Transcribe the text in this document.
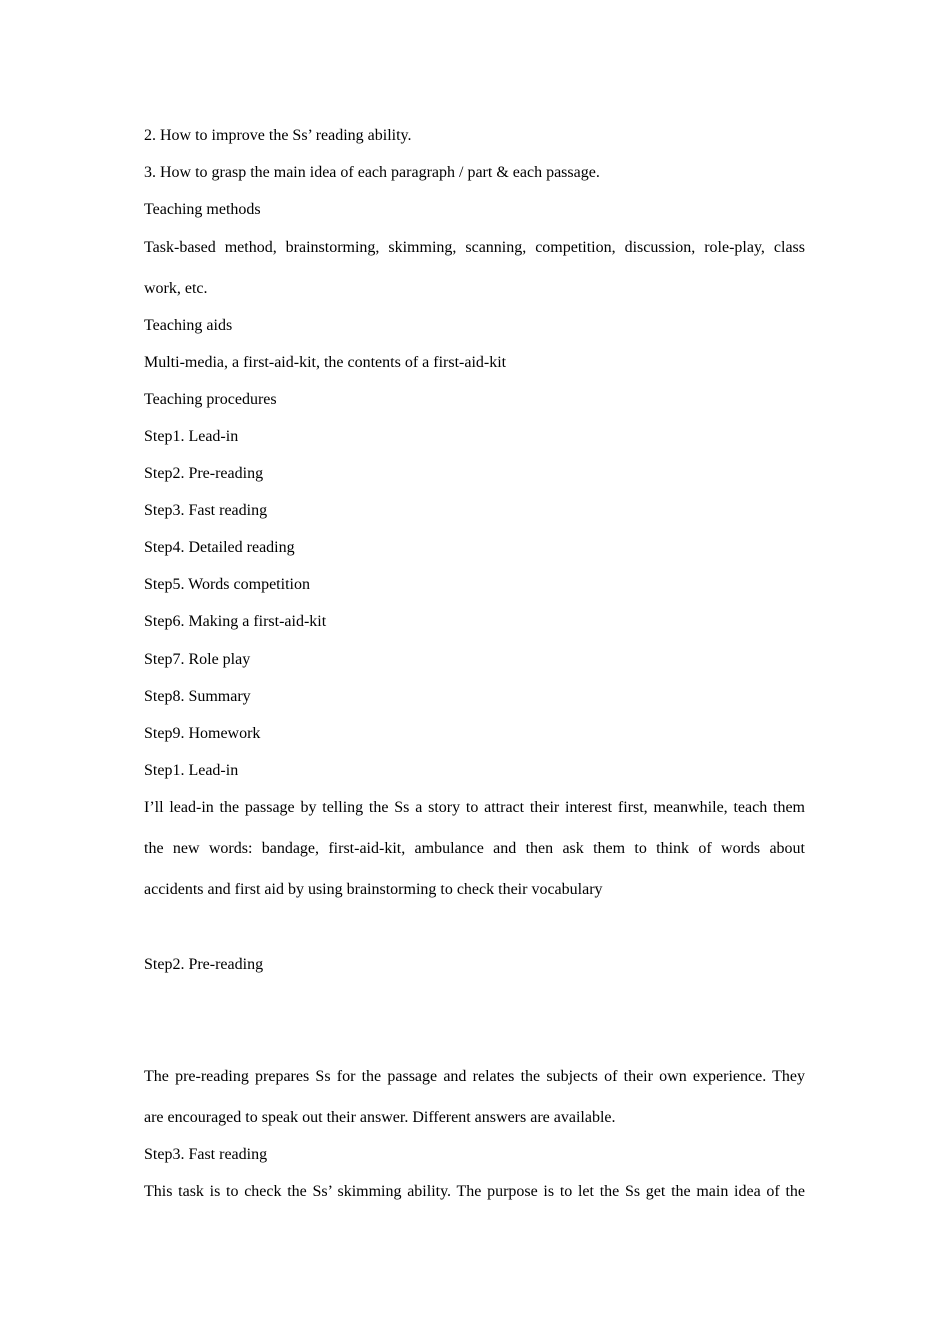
2. How to improve the Ss’ reading ability.

3. How to grasp the main idea of each paragraph / part & each passage.

Teaching methods

Task-based method, brainstorming, skimming, scanning, competition, discussion, role-play, class

work, etc.

Teaching aids

Multi-media, a first-aid-kit, the contents of a first-aid-kit

Teaching procedures

Step1. Lead-in

Step2. Pre-reading

Step3. Fast reading

Step4. Detailed reading

Step5. Words competition

Step6. Making a first-aid-kit

Step7. Role play

Step8. Summary

Step9. Homework

Step1. Lead-in

I’ll lead-in the passage by telling the Ss a story to attract their interest first, meanwhile, teach them

the new words: bandage, first-aid-kit, ambulance and then ask them to think of words about

accidents and first aid by using brainstorming to check their vocabulary

Step2. Pre-reading

The pre-reading prepares Ss for the passage and relates the subjects of their own experience. They

are encouraged to speak out their answer. Different answers are available.

Step3. Fast reading

This task is to check the Ss’ skimming ability. The purpose is to let the Ss get the main idea of the
